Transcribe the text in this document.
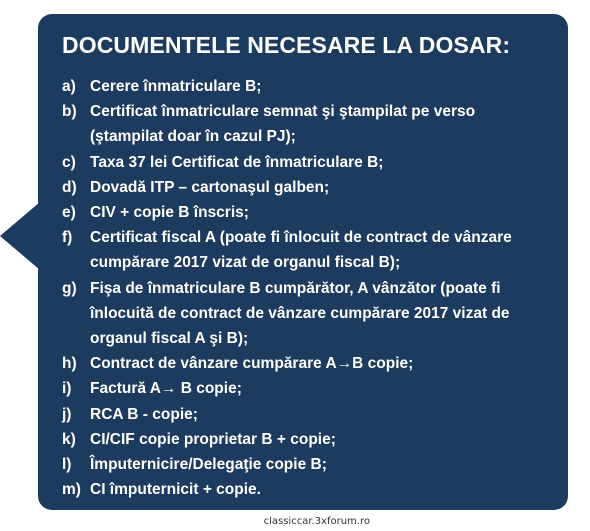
DOCUMENTELE NECESARE LA DOSAR:
a) Cerere înmatriculare B;
b) Certificat înmatriculare semnat şi ştampilat pe verso (ştampilat doar în cazul PJ);
c) Taxa 37 lei Certificat de înmatriculare B;
d) Dovadă ITP – cartonaşul galben;
e) CIV + copie B înscris;
f)	Certificat fiscal A (poate fi înlocuit de contract de vânzare cumpărare 2017 vizat de organul fiscal B);
g) Fişa de înmatriculare B cumpărător, A vânzător (poate fi înlocuită de contract de vânzare cumpărare 2017 vizat de organul fiscal A şi B);
h) Contract de vânzare cumpărare A→B copie;
i)	Factură A→ B copie;
j)	RCA B - copie;
k) CI/CIF copie proprietar B + copie;
l)	Împuternicire/Delegaţie copie B;
m) CI împuternicit + copie.
classiccar.3xforum.ro
